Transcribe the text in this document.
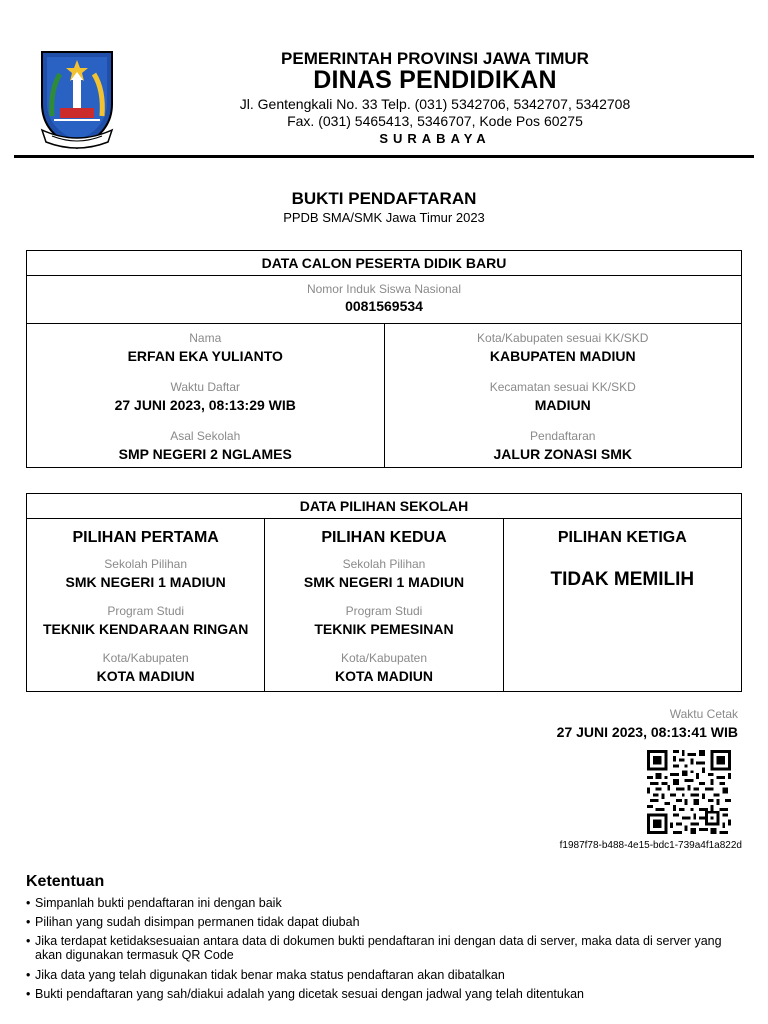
PEMERINTAH PROVINSI JAWA TIMUR
DINAS PENDIDIKAN
Jl. Gentengkali No. 33 Telp. (031) 5342706, 5342707, 5342708
Fax. (031) 5465413, 5346707, Kode Pos 60275
SURABAYA
BUKTI PENDAFTARAN
PPDB SMA/SMK Jawa Timur 2023
DATA CALON PESERTA DIDIK BARU
Nomor Induk Siswa Nasional
0081569534
Nama
ERFAN EKA YULIANTO
Waktu Daftar
27 JUNI 2023, 08:13:29 WIB
Asal Sekolah
SMP NEGERI 2 NGLAMES
Kota/Kabupaten sesuai KK/SKD
KABUPATEN MADIUN
Kecamatan sesuai KK/SKD
MADIUN
Pendaftaran
JALUR ZONASI SMK
DATA PILIHAN SEKOLAH
PILIHAN PERTAMA
Sekolah Pilihan
SMK NEGERI 1 MADIUN
Program Studi
TEKNIK KENDARAAN RINGAN
Kota/Kabupaten
KOTA MADIUN
PILIHAN KEDUA
Sekolah Pilihan
SMK NEGERI 1 MADIUN
Program Studi
TEKNIK PEMESINAN
Kota/Kabupaten
KOTA MADIUN
PILIHAN KETIGA
TIDAK MEMILIH
Waktu Cetak
27 JUNI 2023, 08:13:41 WIB
f1987f78-b488-4e15-bdc1-739a4f1a822d
Ketentuan
• Simpanlah bukti pendaftaran ini dengan baik
• Pilihan yang sudah disimpan permanen tidak dapat diubah
• Jika terdapat ketidaksesuaian antara data di dokumen bukti pendaftaran ini dengan data di server, maka data di server yang akan digunakan termasuk QR Code
• Jika data yang telah digunakan tidak benar maka status pendaftaran akan dibatalkan
• Bukti pendaftaran yang sah/diakui adalah yang dicetak sesuai dengan jadwal yang telah ditentukan
